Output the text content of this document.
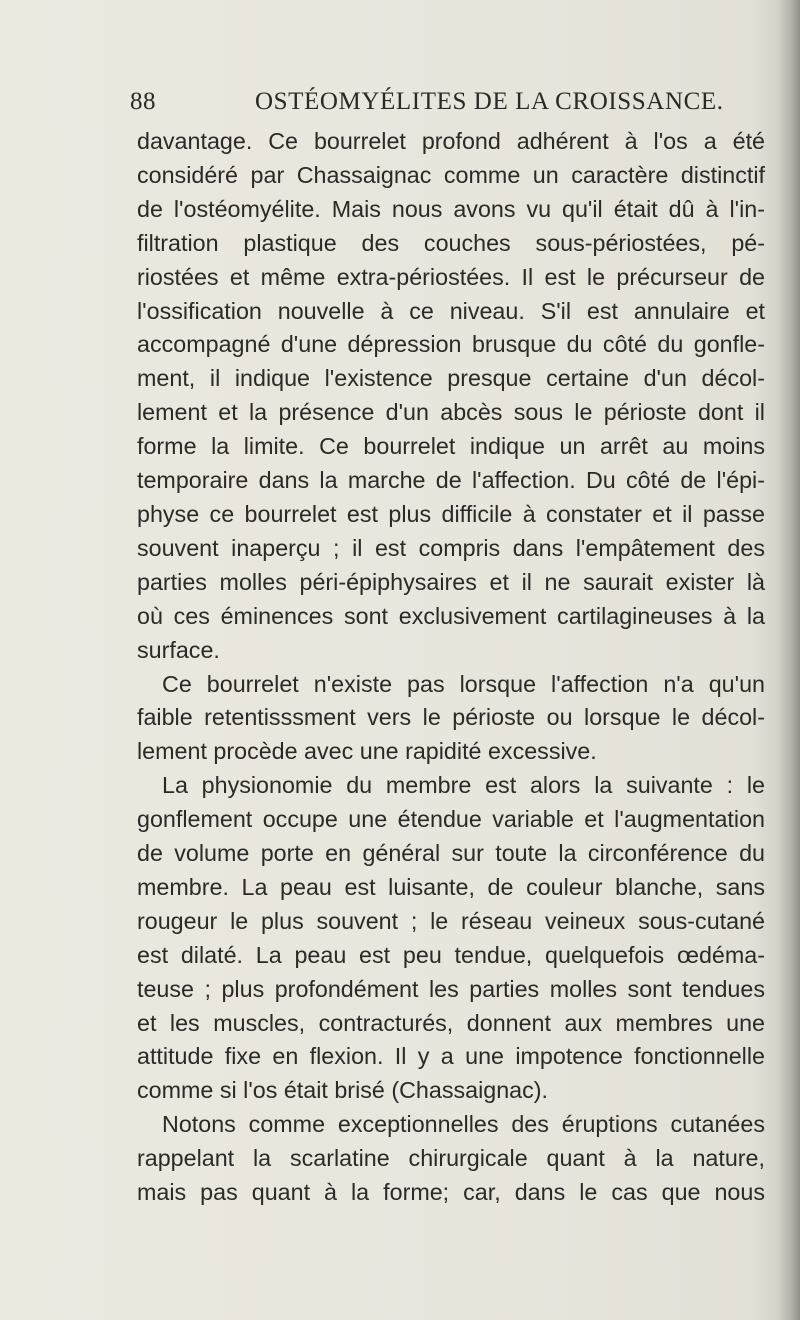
88	OSTÉOMYÉLITES DE LA CROISSANCE.
davantage. Ce bourrelet profond adhérent à l'os a été
considéré par Chassaignac comme un caractère distinctif
de l'ostéomyélite. Mais nous avons vu qu'il était dû à l'in-
filtration plastique des couches sous-périostées, pé-
riostées et même extra-périostées. Il est le précurseur de
l'ossification nouvelle à ce niveau. S'il est annulaire et
accompagné d'une dépression brusque du côté du gonfle-
ment, il indique l'existence presque certaine d'un décol-
lement et la présence d'un abcès sous le périoste dont il
forme la limite. Ce bourrelet indique un arrêt au moins
temporaire dans la marche de l'affection. Du côté de l'épi-
physe ce bourrelet est plus difficile à constater et il passe
souvent inaperçu ; il est compris dans l'empâtement des
parties molles péri-épiphysaires et il ne saurait exister là
où ces éminences sont exclusivement cartilagineuses à la
surface.
Ce bourrelet n'existe pas lorsque l'affection n'a qu'un
faible retentisssment vers le périoste ou lorsque le décol-
lement procède avec une rapidité excessive.
La physionomie du membre est alors la suivante : le
gonflement occupe une étendue variable et l'augmentation
de volume porte en général sur toute la circonférence du
membre. La peau est luisante, de couleur blanche, sans
rougeur le plus souvent ; le réseau veineux sous-cutané
est dilaté. La peau est peu tendue, quelquefois œdéma-
teuse ; plus profondément les parties molles sont tendues
et les muscles, contracturés, donnent aux membres une
attitude fixe en flexion. Il y a une impotence fonctionnelle
comme si l'os était brisé (Chassaignac).
Notons comme exceptionnelles des éruptions cutanées
rappelant la scarlatine chirurgicale quant à la nature,
mais pas quant à la forme; car, dans le cas que nous
